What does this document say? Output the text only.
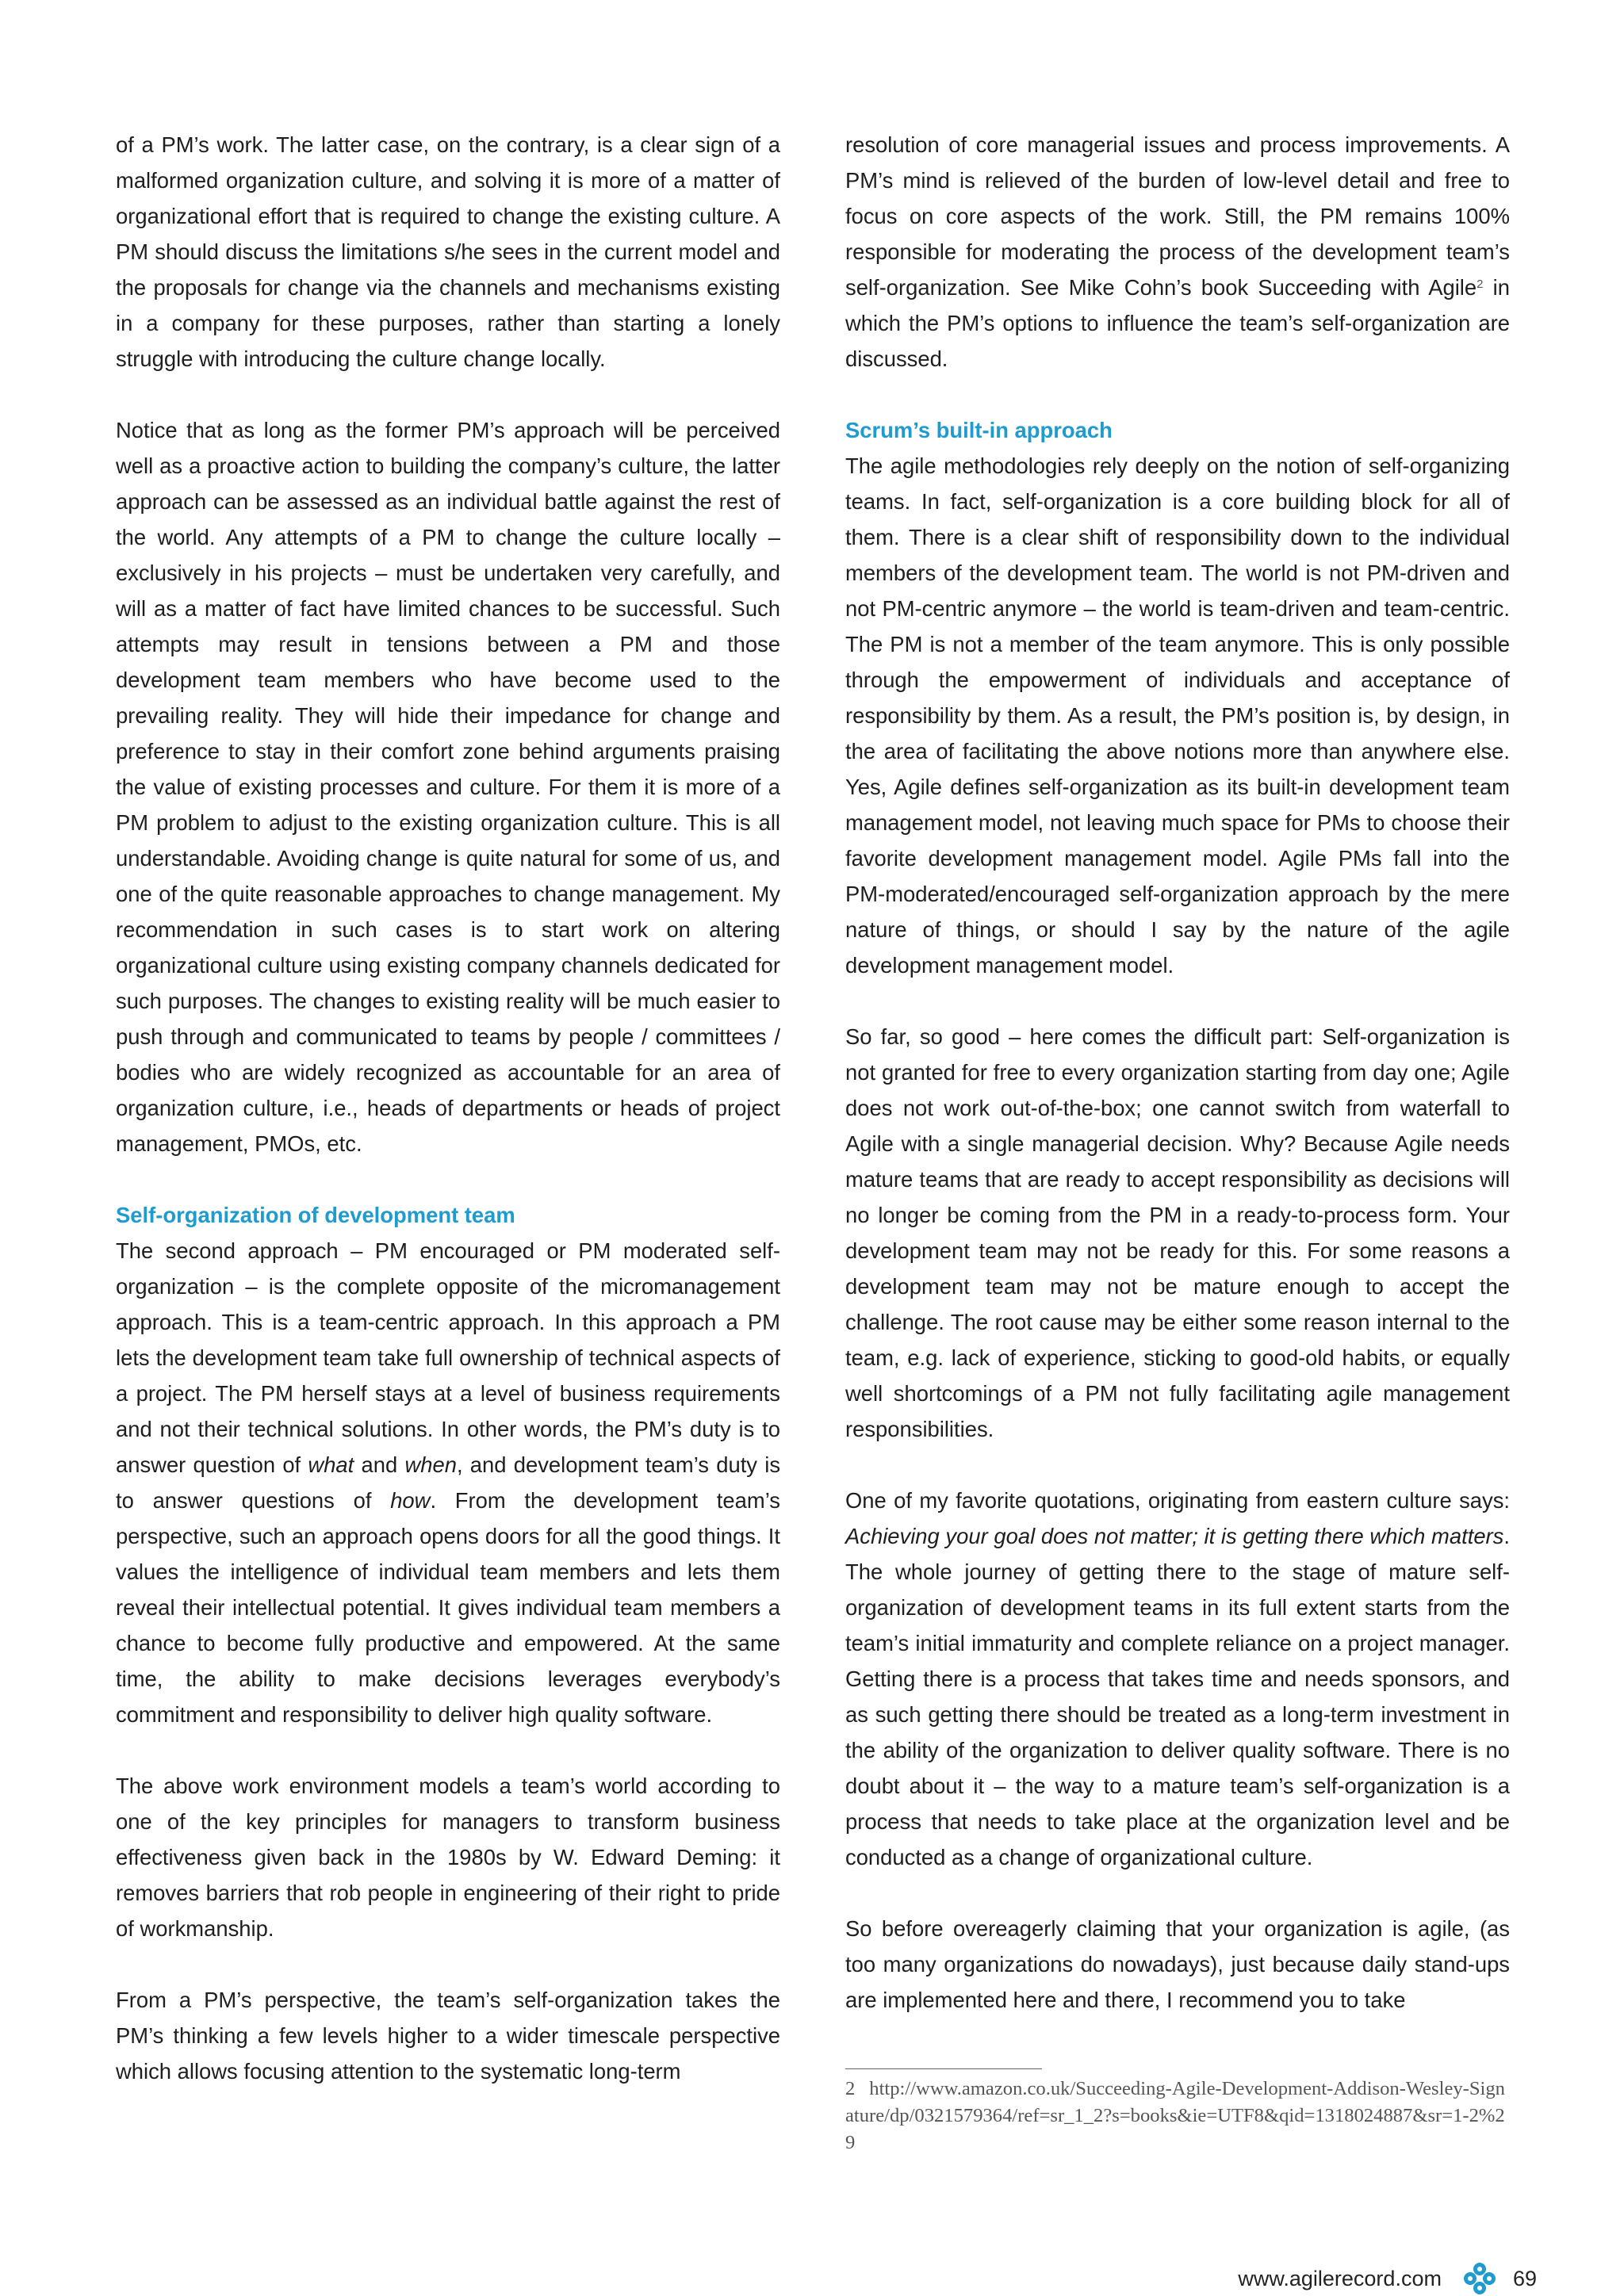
of a PM’s work. The latter case, on the contrary, is a clear sign of a malformed organization culture, and solving it is more of a matter of organizational effort that is required to change the existing culture. A PM should discuss the limitations s/he sees in the current model and the proposals for change via the channels and mechanisms existing in a company for these purposes, rather than starting a lonely struggle with introducing the culture change locally.

Notice that as long as the former PM’s approach will be perceived well as a proactive action to building the company’s culture, the latter approach can be assessed as an individual battle against the rest of the world. Any attempts of a PM to change the culture locally – exclusively in his projects – must be undertaken very carefully, and will as a matter of fact have limited chances to be successful. Such attempts may result in tensions between a PM and those development team members who have become used to the prevailing reality. They will hide their impedance for change and preference to stay in their comfort zone behind arguments praising the value of existing processes and culture. For them it is more of a PM problem to adjust to the existing organization culture. This is all understandable. Avoiding change is quite natural for some of us, and one of the quite reasonable approaches to change management. My recommendation in such cases is to start work on altering organizational culture using existing company channels dedicated for such purposes. The changes to existing reality will be much easier to push through and communicated to teams by people / committees / bodies who are widely recognized as accountable for an area of organization culture, i.e., heads of departments or heads of project management, PMOs, etc.

Self-organization of development team

The second approach – PM encouraged or PM moderated self-organization – is the complete opposite of the micromanagement approach. This is a team-centric approach. In this approach a PM lets the development team take full ownership of technical aspects of a project. The PM herself stays at a level of business requirements and not their technical solutions. In other words, the PM’s duty is to answer question of what and when, and development team’s duty is to answer questions of how. From the development team’s perspective, such an approach opens doors for all the good things. It values the intelligence of individual team members and lets them reveal their intellectual potential. It gives individual team members a chance to become fully productive and empowered. At the same time, the ability to make decisions leverages everybody’s commitment and responsibility to deliver high quality software.

The above work environment models a team’s world according to one of the key principles for managers to transform business effectiveness given back in the 1980s by W. Edward Deming: it removes barriers that rob people in engineering of their right to pride of workmanship.

From a PM’s perspective, the team’s self-organization takes the PM’s thinking a few levels higher to a wider timescale perspective which allows focusing attention to the systematic long-term

resolution of core managerial issues and process improvements. A PM’s mind is relieved of the burden of low-level detail and free to focus on core aspects of the work. Still, the PM remains 100% responsible for moderating the process of the development team’s self-organization. See Mike Cohn’s book Succeeding with Agile$^2$ in which the PM’s options to influence the team’s self-organization are discussed.

Scrum’s built-in approach

The agile methodologies rely deeply on the notion of self-organizing teams. In fact, self-organization is a core building block for all of them. There is a clear shift of responsibility down to the individual members of the development team. The world is not PM-driven and not PM-centric anymore – the world is team-driven and team-centric. The PM is not a member of the team anymore. This is only possible through the empowerment of individuals and acceptance of responsibility by them. As a result, the PM’s position is, by design, in the area of facilitating the above notions more than anywhere else. Yes, Agile defines self-organization as its built-in development team management model, not leaving much space for PMs to choose their favorite development management model. Agile PMs fall into the PM-moderated/encouraged self-organization approach by the mere nature of things, or should I say by the nature of the agile development management model.

So far, so good – here comes the difficult part: Self-organization is not granted for free to every organization starting from day one; Agile does not work out-of-the-box; one cannot switch from waterfall to Agile with a single managerial decision. Why? Because Agile needs mature teams that are ready to accept responsibility as decisions will no longer be coming from the PM in a ready-to-process form. Your development team may not be ready for this. For some reasons a development team may not be mature enough to accept the challenge. The root cause may be either some reason internal to the team, e.g. lack of experience, sticking to good-old habits, or equally well shortcomings of a PM not fully facilitating agile management responsibilities.

One of my favorite quotations, originating from eastern culture says: Achieving your goal does not matter; it is getting there which matters. The whole journey of getting there to the stage of mature self-organization of development teams in its full extent starts from the team’s initial immaturity and complete reliance on a project manager. Getting there is a process that takes time and needs sponsors, and as such getting there should be treated as a long-term investment in the ability of the organization to deliver quality software. There is no doubt about it – the way to a mature team’s self-organization is a process that needs to take place at the organization level and be conducted as a change of organizational culture.

So before overeagerly claiming that your organization is agile, (as too many organizations do nowadays), just because daily stand-ups are implemented here and there, I recommend you to take

2 http://www.amazon.co.uk/Succeeding-Agile-Development-Addison-Wesley-Signature/dp/0321579364/ref=sr_1_2?s=books&ie=UTF8&qid=1318024887&sr=1-2%29
www.agilerecord.com	69
